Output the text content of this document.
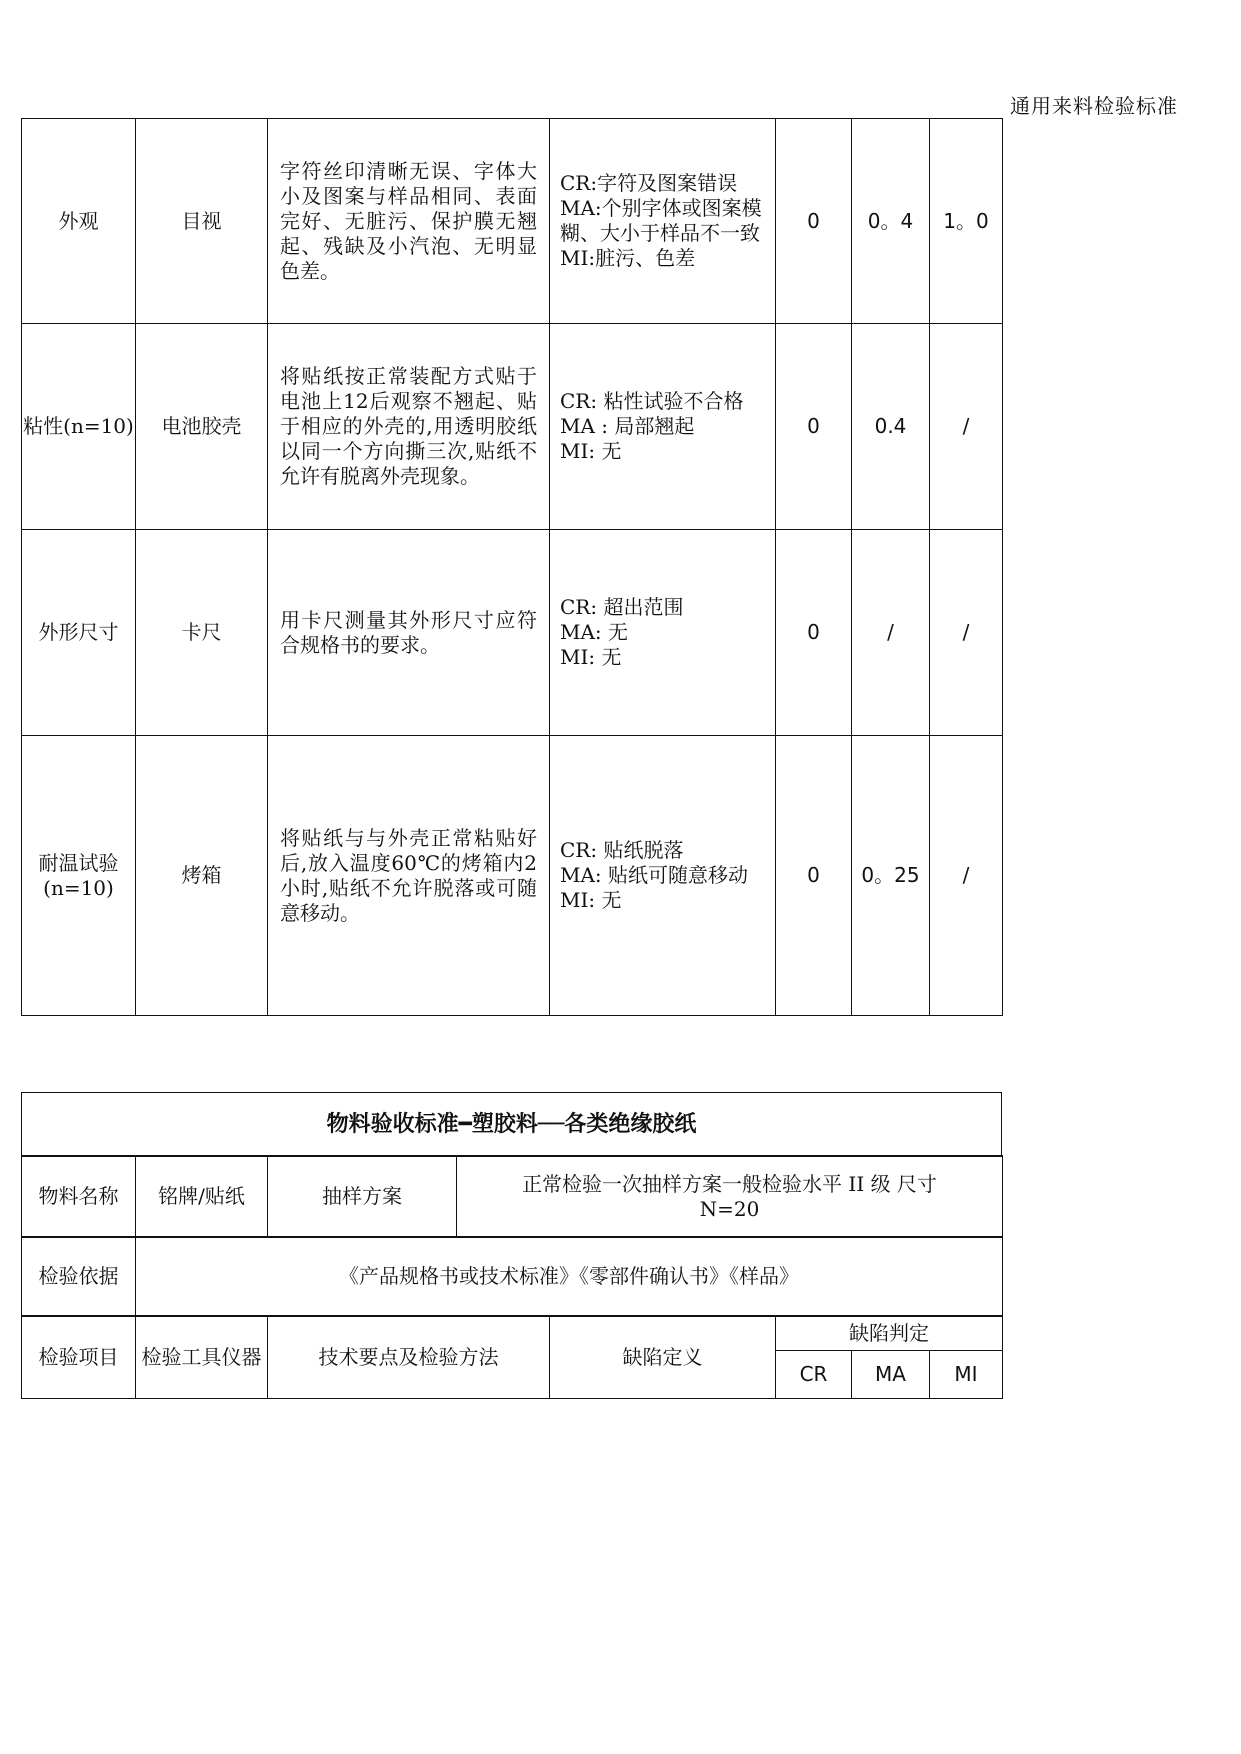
通用来料检验标准
外观	目视	字符丝印清晰无误、字体大小及图案与样品相同、表面完好、无脏污、保护膜无翘起、残缺及小汽泡、无明显色差。	CR:字符及图案错误
MA:个别字体或图案模糊、大小于样品不一致
MI:脏污、色差	0	0。4	1。0
粘性(n=10)	电池胶壳	将贴纸按正常装配方式贴于电池上12后观察不翘起、贴于相应的外壳的,用透明胶纸以同一个方向撕三次,贴纸不允许有脱离外壳现象。	CR: 粘性试验不合格
MA : 局部翘起
MI: 无	0	0.4	/
外形尺寸	卡尺	用卡尺测量其外形尺寸应符合规格书的要求。	CR: 超出范围
MA: 无
MI: 无	0	/	/
耐温试验(n=10)	烤箱	将贴纸与与外壳正常粘贴好后,放入温度60℃的烤箱内2小时,贴纸不允许脱落或可随意移动。	CR: 贴纸脱落
MA: 贴纸可随意移动
MI: 无	0	0。25	/
物料验收标准━塑胶料──各类绝缘胶纸
物料名称	铭牌/贴纸	抽样方案	正常检验一次抽样方案一般检验水平 II 级 尺寸 N=20
检验依据	《产品规格书或技术标准》《零部件确认书》《样品》
检验项目	检验工具仪器	技术要点及检验方法	缺陷定义	缺陷判定		
				CR	MA	MI
